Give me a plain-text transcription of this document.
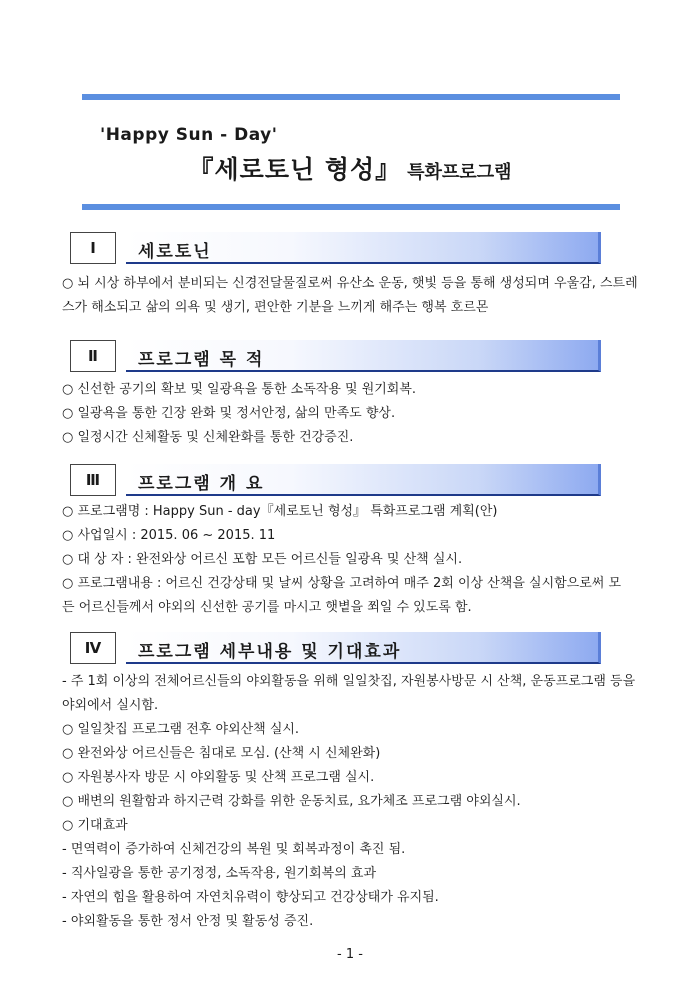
'Happy Sun - Day'
『세로토닌 형성』 특화프로그램
Ⅰ	세로토닌

○ 뇌 시상 하부에서 분비되는 신경전달물질로써 유산소 운동, 햇빛 등을 통해 생성되며 우울감, 스트레

스가 해소되고 삶의 의욕 및 생기, 편안한 기분을 느끼게 해주는 행복 호르몬

Ⅱ	프로그램 목 적

○ 신선한 공기의 확보 및 일광욕을 통한 소독작용 및 원기회복.

○ 일광욕을 통한 긴장 완화 및 정서안정, 삶의 만족도 향상.

○ 일정시간 신체활동 및 신체완화를 통한 건강증진.

Ⅲ	프로그램 개 요

○ 프로그램명 : Happy Sun - day『세로토닌 형성』 특화프로그램 계획(안)

○ 사업일시 : 2015. 06 ~ 2015. 11

○ 대 상 자 : 완전와상 어르신 포함 모든 어르신들 일광욕 및 산책 실시.

○ 프로그램내용 : 어르신 건강상태 및 날씨 상황을 고려하여 매주 2회 이상 산책을 실시함으로써 모

든 어르신들께서 야외의 신선한 공기를 마시고 햇볕을 쬐일 수 있도록 함.

Ⅳ	프로그램 세부내용 및 기대효과

- 주 1회 이상의 전체어르신들의 야외활동을 위해 일일찻집, 자원봉사방문 시 산책, 운동프로그램 등을

야외에서 실시함.

○ 일일찻집 프로그램 전후 야외산책 실시.

○ 완전와상 어르신들은 침대로 모심. (산책 시 신체완화)

○ 자원봉사자 방문 시 야외활동 및 산책 프로그램 실시.

○ 배변의 원활함과 하지근력 강화를 위한 운동치료, 요가체조 프로그램 야외실시.

○ 기대효과

- 면역력이 증가하여 신체건강의 복원 및 회복과정이 촉진 됨.

- 직사일광을 통한 공기정정, 소독작용, 원기회복의 효과

- 자연의 힘을 활용하여 자연치유력이 향상되고 건강상태가 유지됨.

- 야외활동을 통한 정서 안정 및 활동성 증진.

- 1 -
